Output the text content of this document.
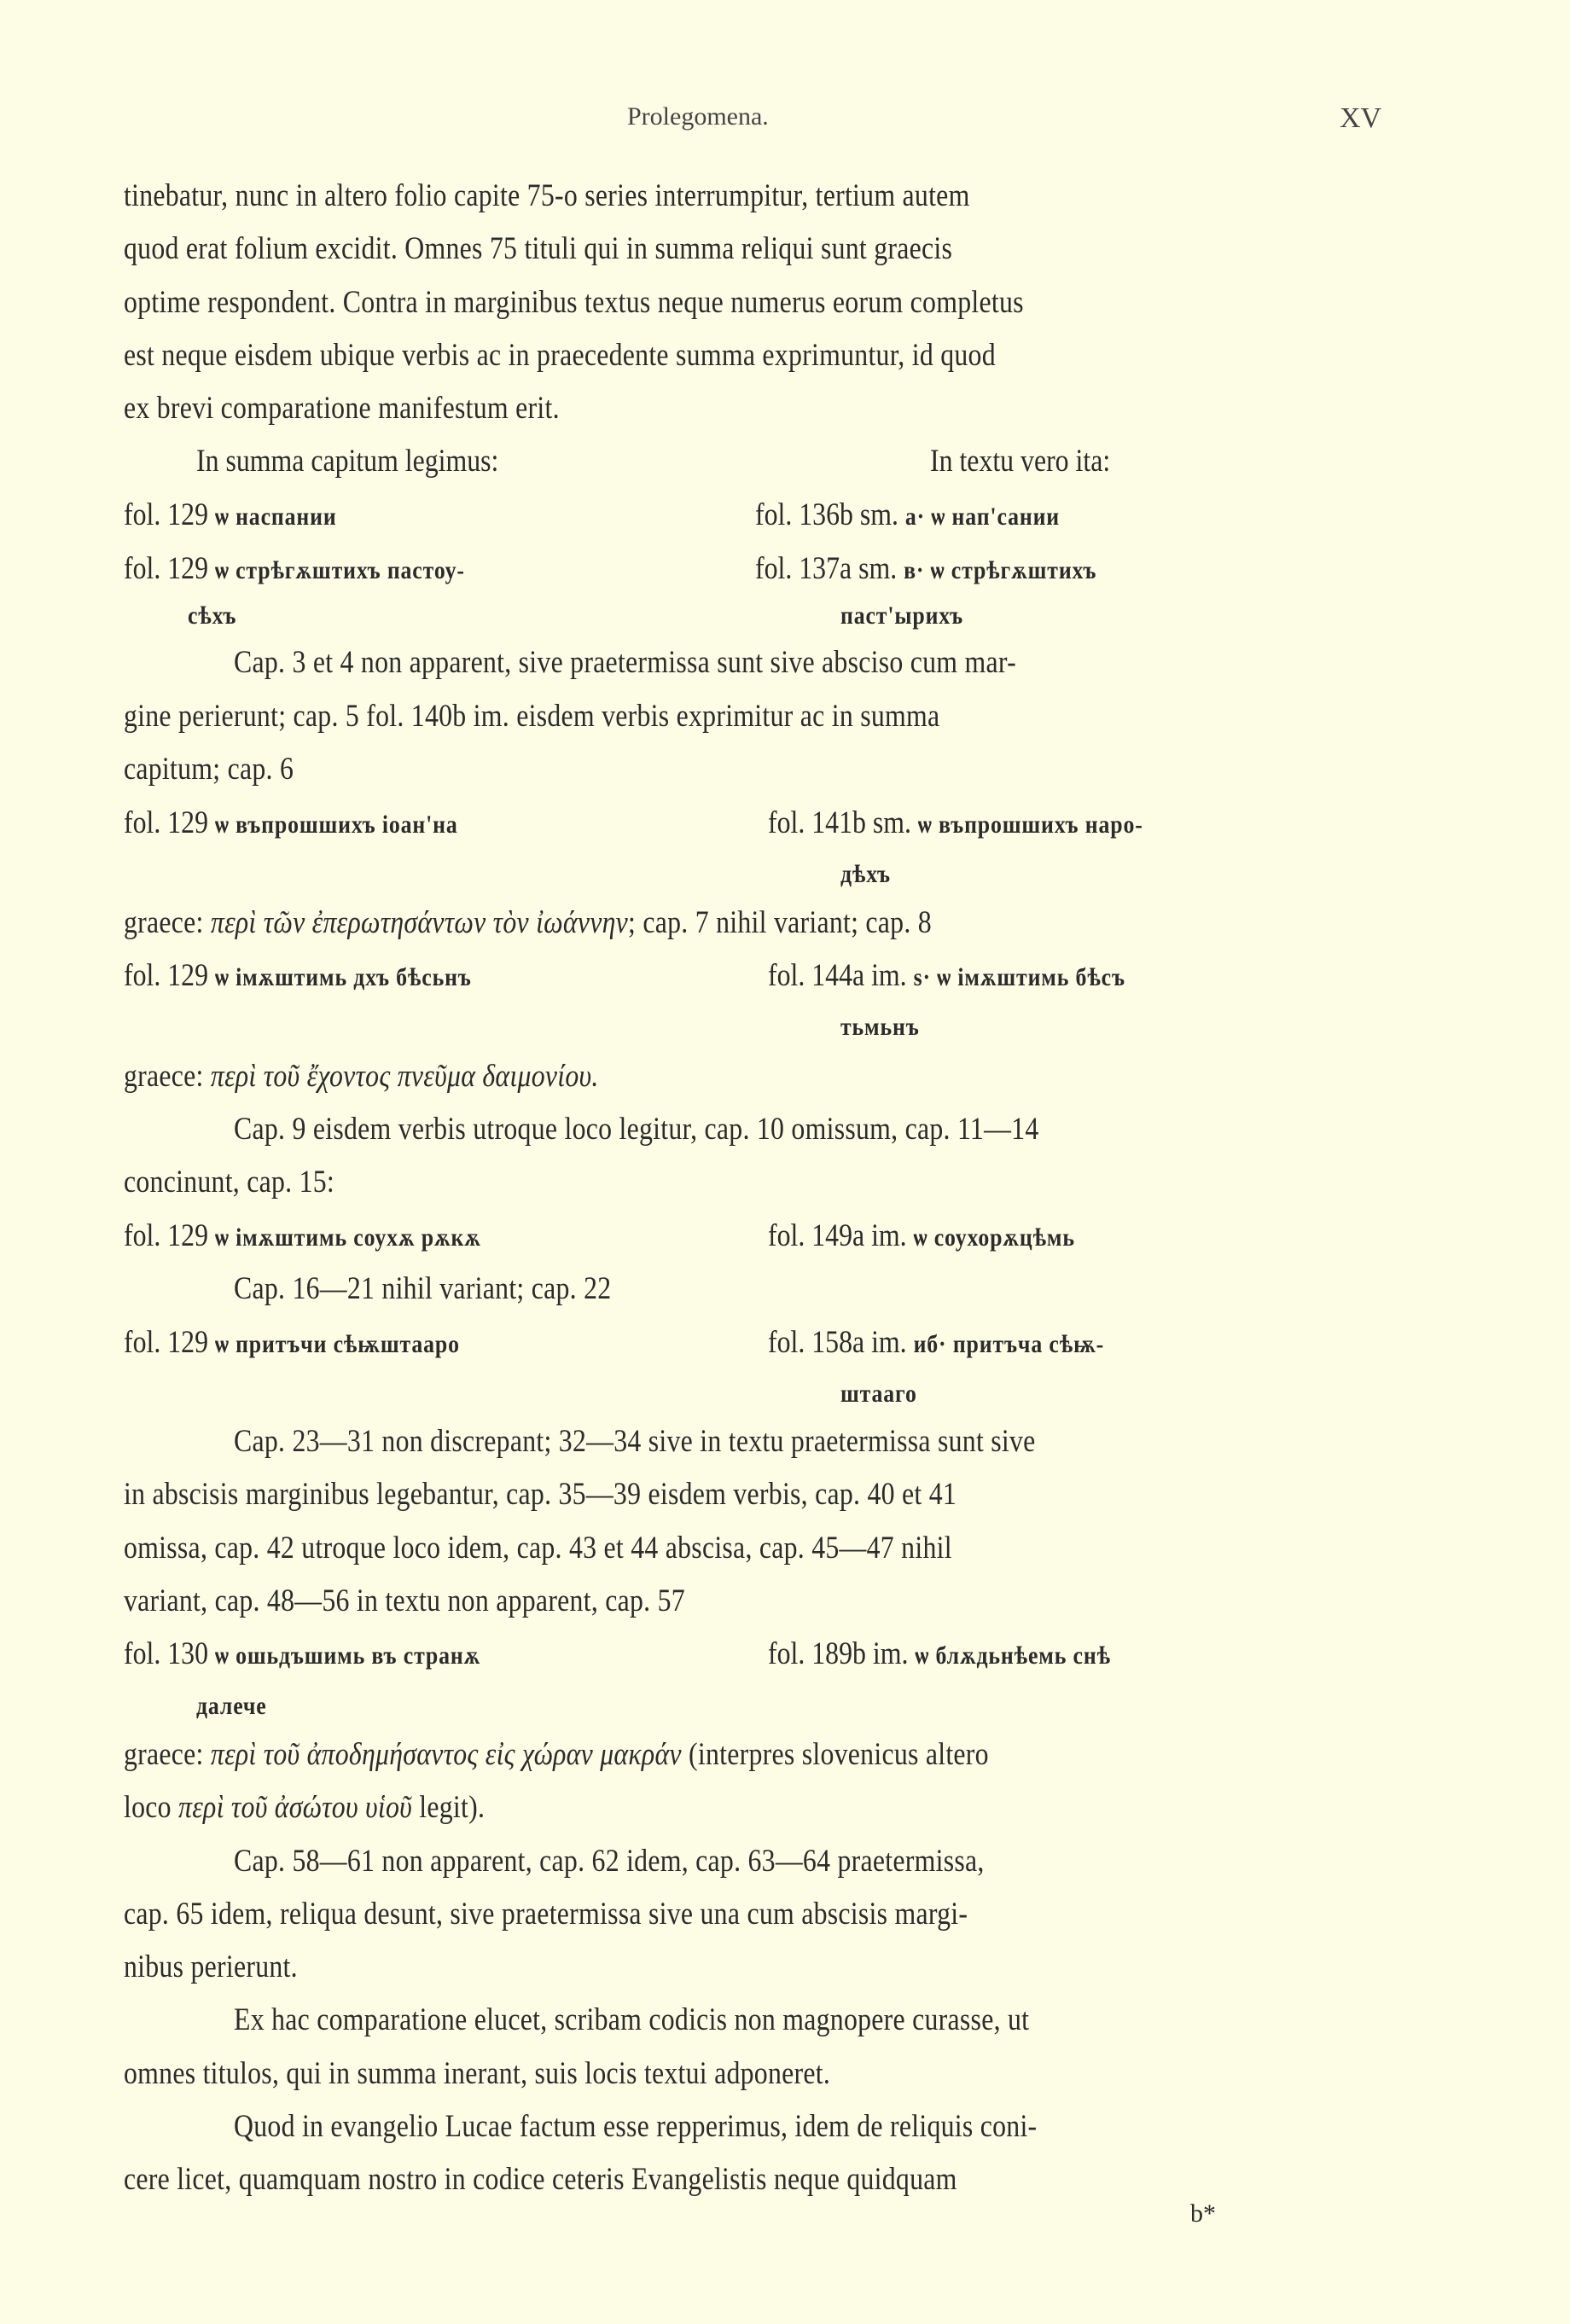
Prolegomena.	XV
tinebatur, nunc in altero folio capite 75-o series interrumpitur, tertium autem
quod erat folium excidit. Omnes 75 tituli qui in summa reliqui sunt graecis
optime respondent. Contra in marginibus textus neque numerus eorum completus
est neque eisdem ubique verbis ac in praecedente summa exprimuntur, id quod
ex brevi comparatione manifestum erit.
In summa capitum legimus:	In textu vero ita:
fol. 129 ѡ наспании	fol. 136b sm. а· ѡ нап'сании
fol. 129 ѡ стрѣгѫштихъ пастоу-	fol. 137a sm. в· ѡ стрѣгѫштихъ
сѣхъ	паст'ырихъ
Cap. 3 et 4 non apparent, sive praetermissa sunt sive absciso cum mar-
gine perierunt; cap. 5 fol. 140b im. eisdem verbis exprimitur ac in summa
capitum; cap. 6
fol. 129 ѡ въпрошшихъ ioан'на	fol. 141b sm. ѡ въпрошшихъ наро-
дѣхъ
graece: περὶ τῶν ἐπερωτησάντων τὸν ἰωάννην; cap. 7 nihil variant; cap. 8
fol. 129 ѡ iмѫштимь дхъ бѣсьнъ	fol. 144a im. ѕ· ѡ iмѫштимь бѣсъ
тьмьнъ
graece: περὶ τοῦ ἔχοντος πνεῦμα δαιμονίου.
Cap. 9 eisdem verbis utroque loco legitur, cap. 10 omissum, cap. 11—14
concinunt, cap. 15:
fol. 129 ѡ iмѫштимь соухѫ рѫкѫ	fol. 149a im. ѡ соухорѫцѣмь
Cap. 16—21 nihil variant; cap. 22
fol. 129 ѡ притъчи сѣѭштаарo	fol. 158a im. иб· притъча сѣѭ-
штааго
Cap. 23—31 non discrepant; 32—34 sive in textu praetermissa sunt sive
in abscisis marginibus legebantur, cap. 35—39 eisdem verbis, cap. 40 et 41
omissa, cap. 42 utroque loco idem, cap. 43 et 44 abscisa, cap. 45—47 nihil
variant, cap. 48—56 in textu non apparent, cap. 57
fol. 130 ѡ ошьдъшимь въ странѫ	fol. 189b im. ѡ блѫдьнѣемь снѣ
далече
graece: περὶ τοῦ ἀποδημήσαντος εἰς χώραν μακράν (interpres slovenicus altero
loco περὶ τοῦ ἀσώτου υἱοῦ legit).
Cap. 58—61 non apparent, cap. 62 idem, cap. 63—64 praetermissa,
cap. 65 idem, reliqua desunt, sive praetermissa sive una cum abscisis margi-
nibus perierunt.
Ex hac comparatione elucet, scribam codicis non magnopere curasse, ut
omnes titulos, qui in summa inerant, suis locis textui adponeret.
Quod in evangelio Lucae factum esse repperimus, idem de reliquis coni-
cere licet, quamquam nostro in codice ceteris Evangelistis neque quidquam
b*
